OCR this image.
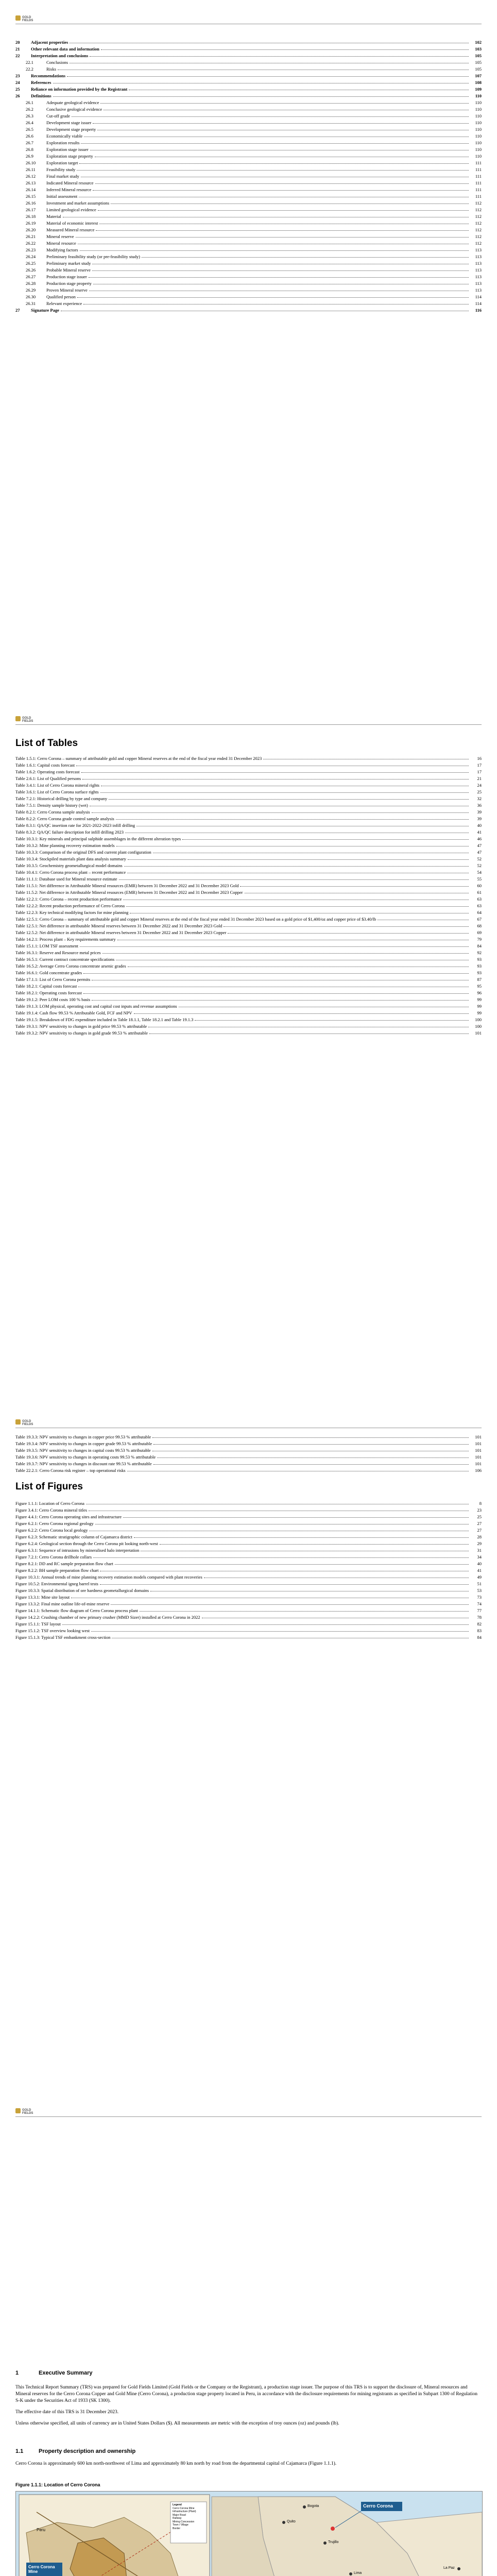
GOLD FIELDS
20	Adjacent properties	102
21	Other relevant data and information	103
22	Interpretation and conclusions	105
22.1	Conclusions	105
22.2	Risks	105
23	Recommendations	107
24	References	108
25	Reliance on information provided by the Registrant	109
26	Definitions	110
26.1	Adequate geological evidence	110
26.2	Conclusive geological evidence	110
26.3	Cut-off grade	110
26.4	Development stage issuer	110
26.5	Development stage property	110
26.6	Economically viable	110
26.7	Exploration results	110
26.8	Exploration stage issuer	110
26.9	Exploration stage property	110
26.10	Exploration target	111
26.11	Feasibility study	111
26.12	Final market study	111
26.13	Indicated Mineral resource	111
26.14	Inferred Mineral resource	111
26.15	Initial assessment	111
26.16	Investment and market assumptions	112
26.17	Limited geological evidence	112
26.18	Material	112
26.19	Material of economic interest	112
26.20	Measured Mineral resource	112
26.21	Mineral reserve	112
26.22	Mineral resource	112
26.23	Modifying factors	113
26.24	Preliminary feasibility study (or pre-feasibility study)	113
26.25	Preliminary market study	113
26.26	Probable Mineral reserve	113
26.27	Production stage issuer	113
26.28	Production stage property	113
26.29	Proven Mineral reserve	113
26.30	Qualified person	114
26.31	Relevant experience	114
27	Signature Page	116
GOLD FIELDS
List of Tables
Table 1.5.1: Cerro Corona – summary of attributable gold and copper Mineral reserves at the end of the fiscal year ended 31 December 2023	16
Table 1.6.1: Capital costs forecast	17
Table 1.6.2: Operating costs forecast	17
Table 2.6.1: List of Qualified persons	21
Table 3.4.1: List of Cerro Corona mineral rights	24
Table 3.6.1: List of Cerro Corona surface rights	25
Table 7.2.1: Historical drilling by type and company	32
Table 7.5.1: Density sample history (wet)	36
Table 8.2.1: Cerro Corona sample analysis	39
Table 8.2.2: Cerro Corona grade control sample analysis	39
Table 8.3.1: QA/QC insertion rate for 2021-2022-2023 infill drilling	40
Table 8.3.2: QA/QC failure description for infill drilling 2023	41
Table 10.3.1: Key minerals and principal sulphide assemblages in the different alteration types	46
Table 10.3.2: Mine planning recovery estimation models	47
Table 10.3.3: Comparison of the original DFS and current plant configuration	47
Table 10.3.4: Stockpiled materials plant data analysis summary	52
Table 10.3.5: Geochemistry geometallurgical model domains	52
Table 10.4.1: Cerro Corona process plant – recent performance	54
Table 11.1.1: Database used for Mineral resource estimate	55
Table 11.5.1: Net difference in Attributable Mineral resources (EMR) between 31 December 2022 and 31 December 2023 Gold	60
Table 11.5.2: Net difference in Attributable Mineral resources (EMR) between 31 December 2022 and 31 December 2023 Copper	61
Table 12.2.1: Cerro Corona – recent production performance	63
Table 12.2.2: Recent production performance of Cerro Corona	63
Table 12.2.3: Key technical modifying factors for mine planning	64
Table 12.5.1: Cerro Corona – summary of attributable gold and copper Mineral reserves at the end of the fiscal year ended 31 December 2023 based on a gold price of $1,400/oz and copper price of $3.40/lb	67
Table 12.5.1: Net difference in attributable Mineral reserves between 31 December 2022 and 31 December 2023 Gold	68
Table 12.5.2: Net difference in attributable Mineral reserves between 31 December 2022 and 31 December 2023 Copper	69
Table 14.2.1: Process plant – Key requirements summary	79
Table 15.1.1: LOM TSF assessment	84
Table 16.3.1: Reserve and Resource metal prices	92
Table 16.5.1: Current contract concentrate specifications	93
Table 16.5.2: Average Cerro Corona concentrate arsenic grades	93
Table 16.6.1: Gold concentrate grades	93
Table 17.1.1: List of Cerro Corona permits	87
Table 18.2.1: Capital costs forecast	95
Table 18.2.1: Operating costs forecast	96
Table 19.1.2: Peer LOM costs 100 % basis	99
Table 19.1.3: LOM physical, operating cost and capital cost inputs and revenue assumptions	99
Table 19.1.4: Cash flow 99.53 % Attributable Gold, FCF and NPV	99
Table 19.1.5: Breakdown of FDG expenditure included in Table 18.1.1, Table 18.2.1 and Table 19.1.3	100
Table 19.3.1: NPV sensitivity to changes in gold price 99.53 % attributable	100
Table 19.3.2: NPV sensitivity to changes in gold grade 99.53 % attributable	101
GOLD FIELDS
Table 19.3.3: NPV sensitivity to changes in copper price 99.53 % attributable	101
Table 19.3.4: NPV sensitivity to changes in copper grade 99.53 % attributable	101
Table 19.3.5: NPV sensitivity to changes in capital costs 99.53 % attributable	101
Table 19.3.6: NPV sensitivity to changes in operating costs 99.53 % attributable	101
Table 19.3.7: NPV sensitivity to changes in discount rate 99.53 % attributable	101
Table 22.2.1: Cerro Corona risk register – top operational risks	106
List of Figures
Figure 1.1.1: Location of Cerro Corona	8
Figure 3.4.1: Cerro Corona mineral titles	23
Figure 4.4.1: Cerro Corona operating sites and infrastructure	25
Figure 6.2.1: Cerro Corona regional geology	27
Figure 6.2.2: Cerro Corona local geology	27
Figure 6.2.3: Schematic stratigraphic column of Cajamarca district	28
Figure 6.2.4: Geological section through the Cerro Corona pit looking north-west	29
Figure 6.3.1: Sequence of intrusions by mineralised halo interpretation	31
Figure 7.2.1: Cerro Corona drillhole collars	34
Figure 8.2.1: DD and RC sample preparation flow chart	40
Figure 8.2.2: BH sample preparation flow chart	41
Figure 10.3.1: Annual trends of mine planning recovery estimation models compared with plant recoveries	49
Figure 10.5.2: Environmental igneg barrel tests	51
Figure 10.3.3: Spatial distribution of ore hardness geometallurgical domains	53
Figure 13.3.1: Mine site layout	73
Figure 13.3.2: Final mine outline life-of-mine reserve	74
Figure 14.1.1: Schematic flow diagram of Cerro Corona process plant	77
Figure 14.2.2: Crushing chamber of new primary crusher (MMD Sizer) installed at Cerro Corona in 2022	78
Figure 15.1.1: TSF layout	82
Figure 15.1.2: TSF overview looking west	83
Figure 15.1.3: Typical TSF embankment cross-section	84
GOLD FIELDS
1	Executive Summary

This Technical Report Summary (TRS) was prepared for Gold Fields Limited (Gold Fields or the Company or the Registrant), a production stage issuer. The purpose of this TRS is to support the disclosure of, Mineral resources and Mineral reserves for the Cerro Corona Copper and Gold Mine (Cerro Corona), a production stage property located in Peru, in accordance with the disclosure requirements for mining registrants as specified in Subpart 1300 of Regulation S-K under the Securities Act of 1933 (SK 1300).

The effective date of this TRS is 31 December 2023.

Unless otherwise specified, all units of currency are in United States Dollars ($). All measurements are metric with the exception of troy ounces (oz) and pounds (lb).

1.1	Property description and ownership

Cerro Corona is approximately 600 km north-northwest of Lima and approximately 80 km north by road from the departmental capital of Cajamarca (Figure 1.1.1).

Figure 1.1.1: Location of Cerro Corona
Legend
Cerro Corona Mine
Infrastructure (Plant)
Major Road
Railway
Mining Concession
Town / Village
Border
Peru
Cerro Corona Mine
Cerro Corona
Trujillo
Lima
Bogota
Quito
La Paz
